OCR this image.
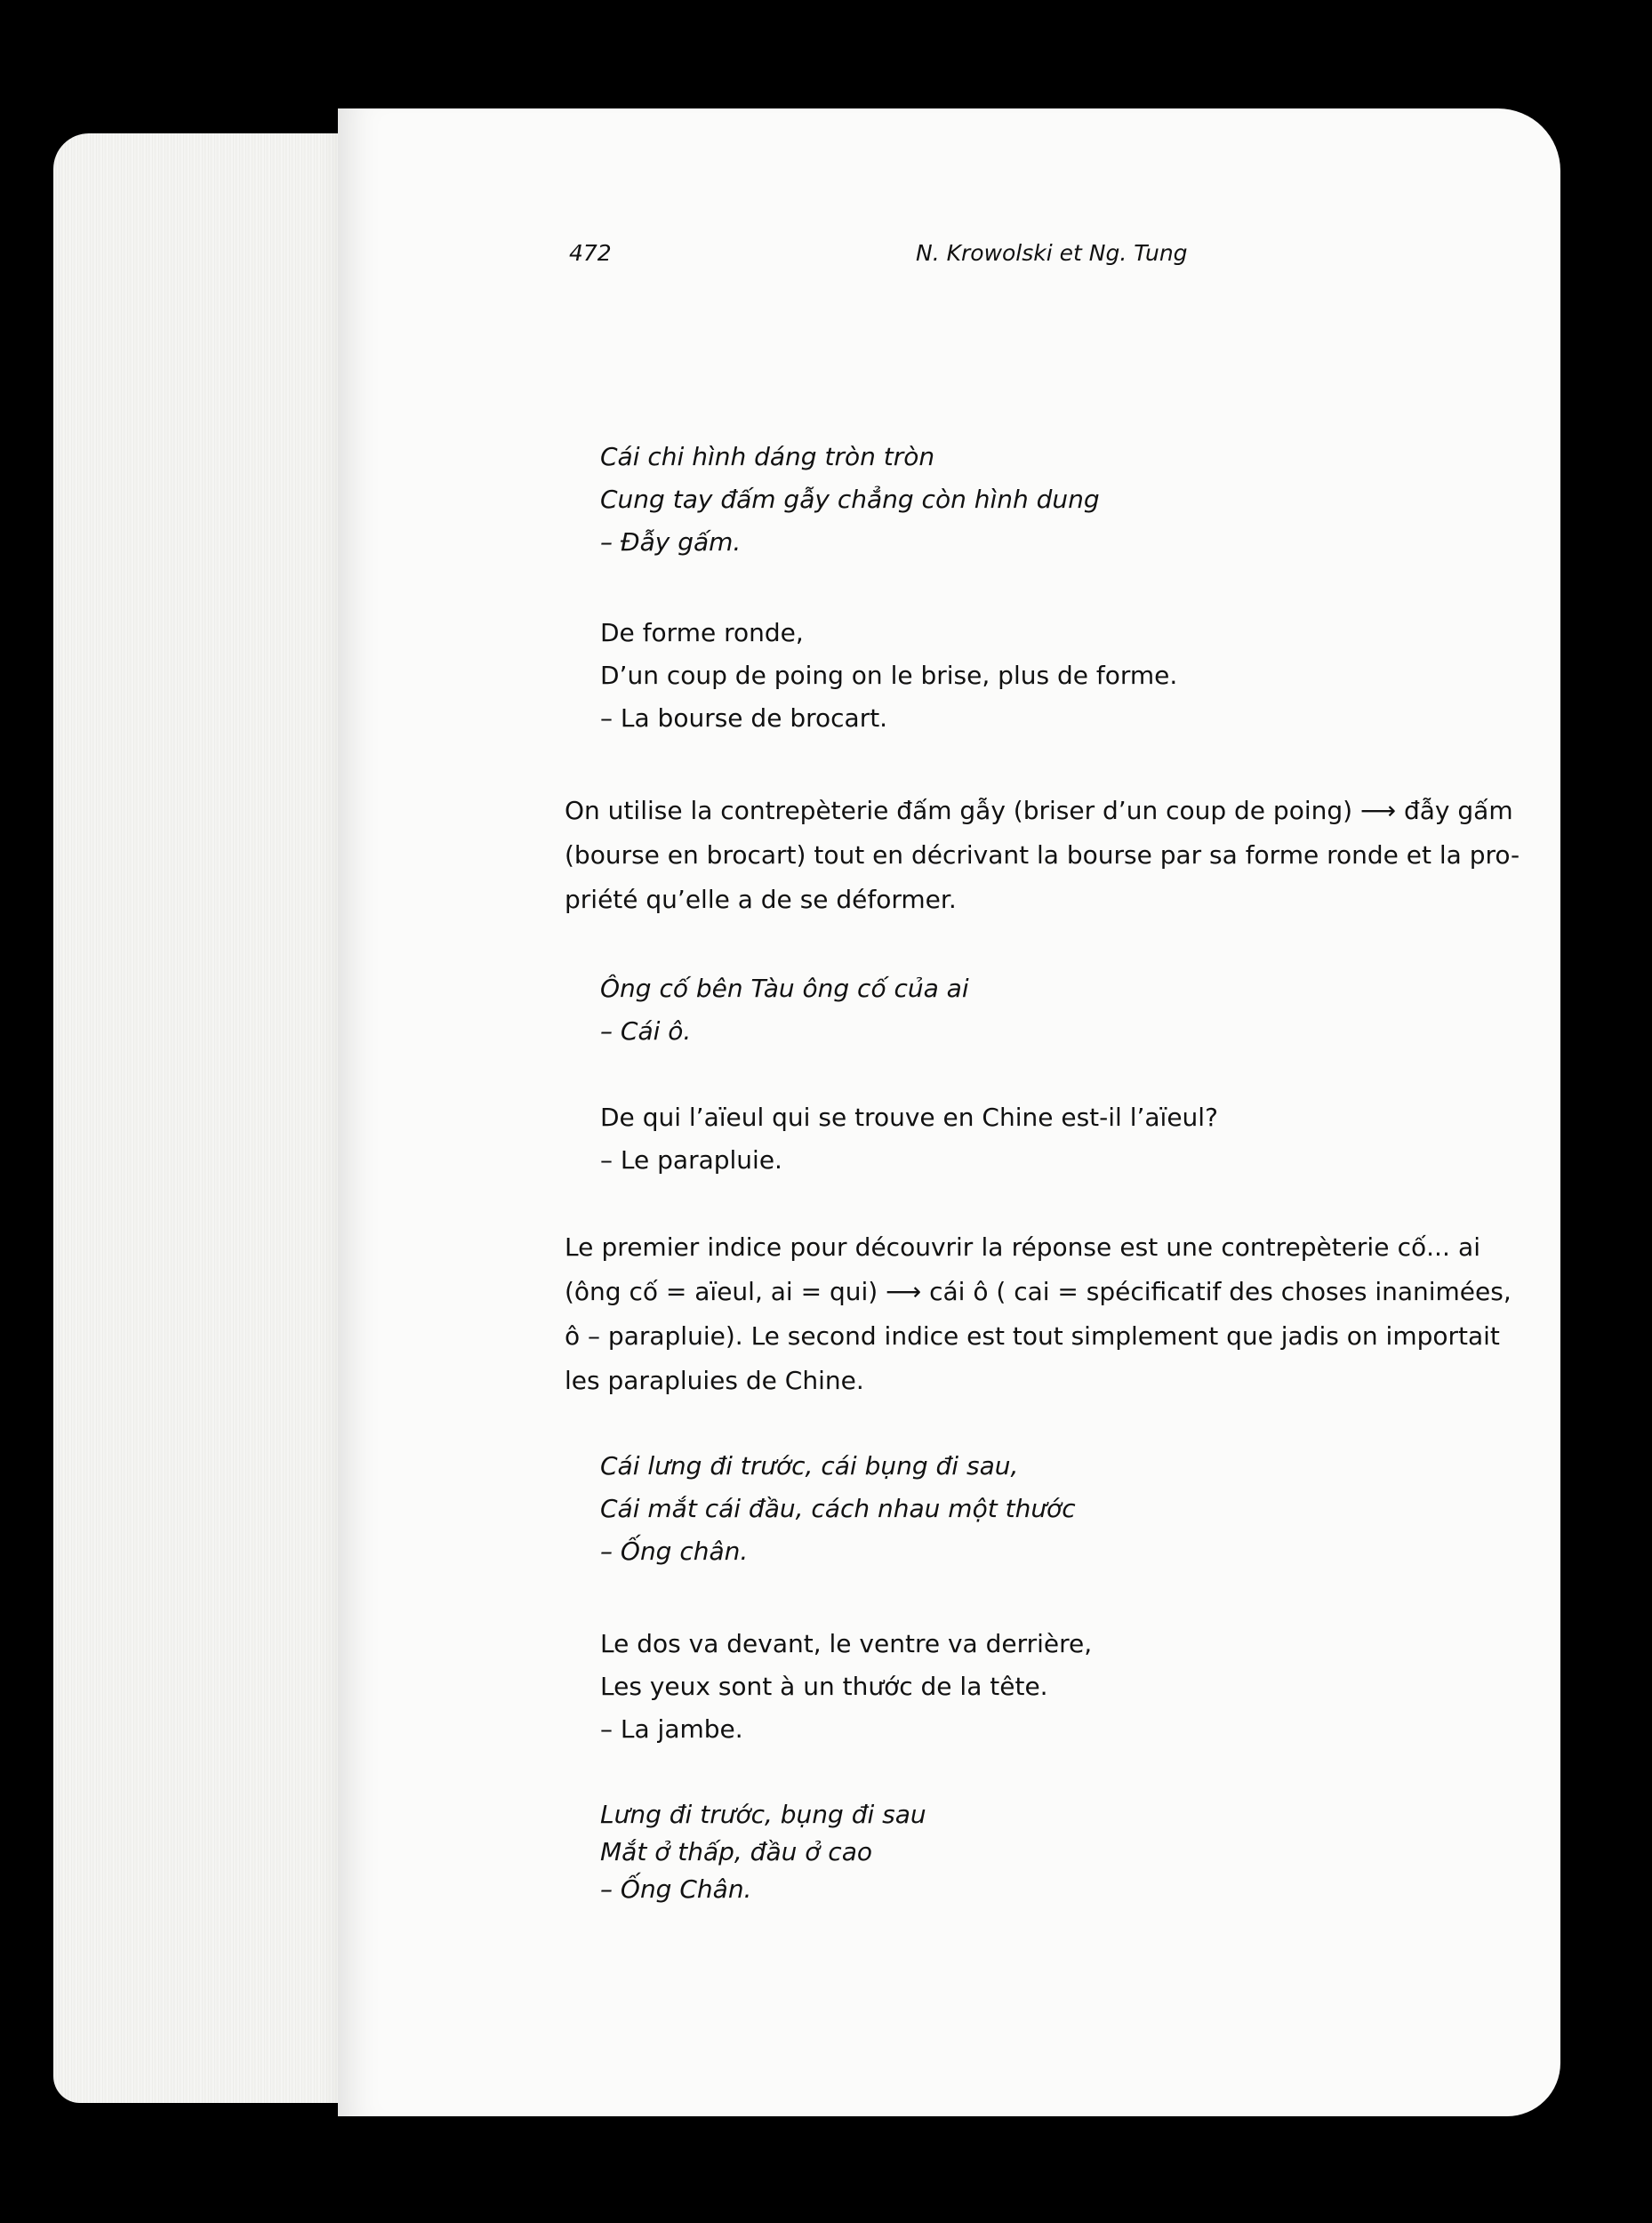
472	N. Krowolski et Ng. Tung

Cái chi hình dáng tròn tròn

Cung tay đấm gẫy chẳng còn hình dung

– Đẫy gấm.

De forme ronde,

D’un coup de poing on le brise, plus de forme.

– La bourse de brocart.

On utilise la contrepèterie đấm gẫy (briser d’un coup de poing) ⟶ đẫy gấm
(bourse en brocart) tout en décrivant la bourse par sa forme ronde et la pro-
priété qu’elle a de se déformer.

Ông cố bên Tàu ông cố của ai

– Cái ô.

De qui l’aïeul qui se trouve en Chine est-il l’aïeul?

– Le parapluie.

Le premier indice pour découvrir la réponse est une contrepèterie cố... ai
(ông cố = aïeul, ai = qui) ⟶ cái ô ( cai = spécificatif des choses inanimées,
ô – parapluie). Le second indice est tout simplement que jadis on importait
les parapluies de Chine.

Cái lưng đi trước, cái bụng đi sau,

Cái mắt cái đầu, cách nhau một thước

– Ống chân.

Le dos va devant, le ventre va derrière,

Les yeux sont à un thước de la tête.

– La jambe.

Lưng đi trước, bụng đi sau

Mắt ở thấp, đầu ở cao

– Ống Chân.
